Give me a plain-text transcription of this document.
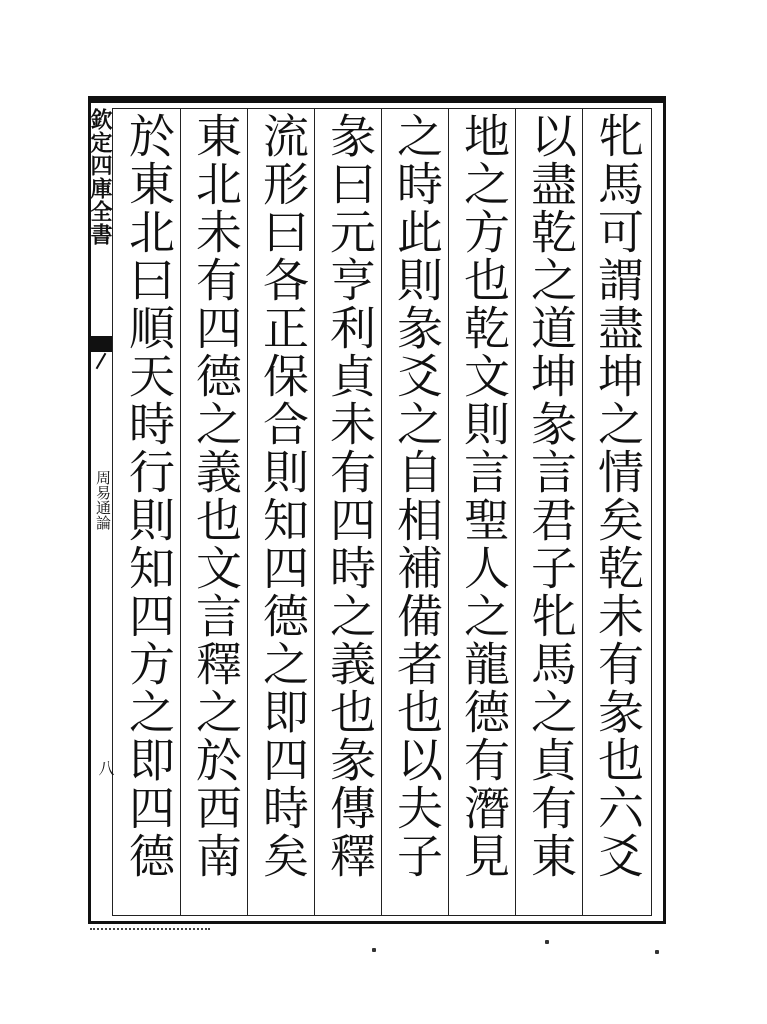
欽定四庫全書
周易通論
八
牝馬可謂盡坤之情矣乾未有彖也六爻
以盡乾之道坤彖言君子牝馬之貞有東
地之方也乾文則言聖人之龍德有潛見
之時此則彖爻之自相補備者也以夫子
彖曰元亨利貞未有四時之義也彖傳釋
流形曰各正保合則知四德之即四時矣
東北未有四德之義也文言釋之於西南
於東北曰順天時行則知四方之即四德
